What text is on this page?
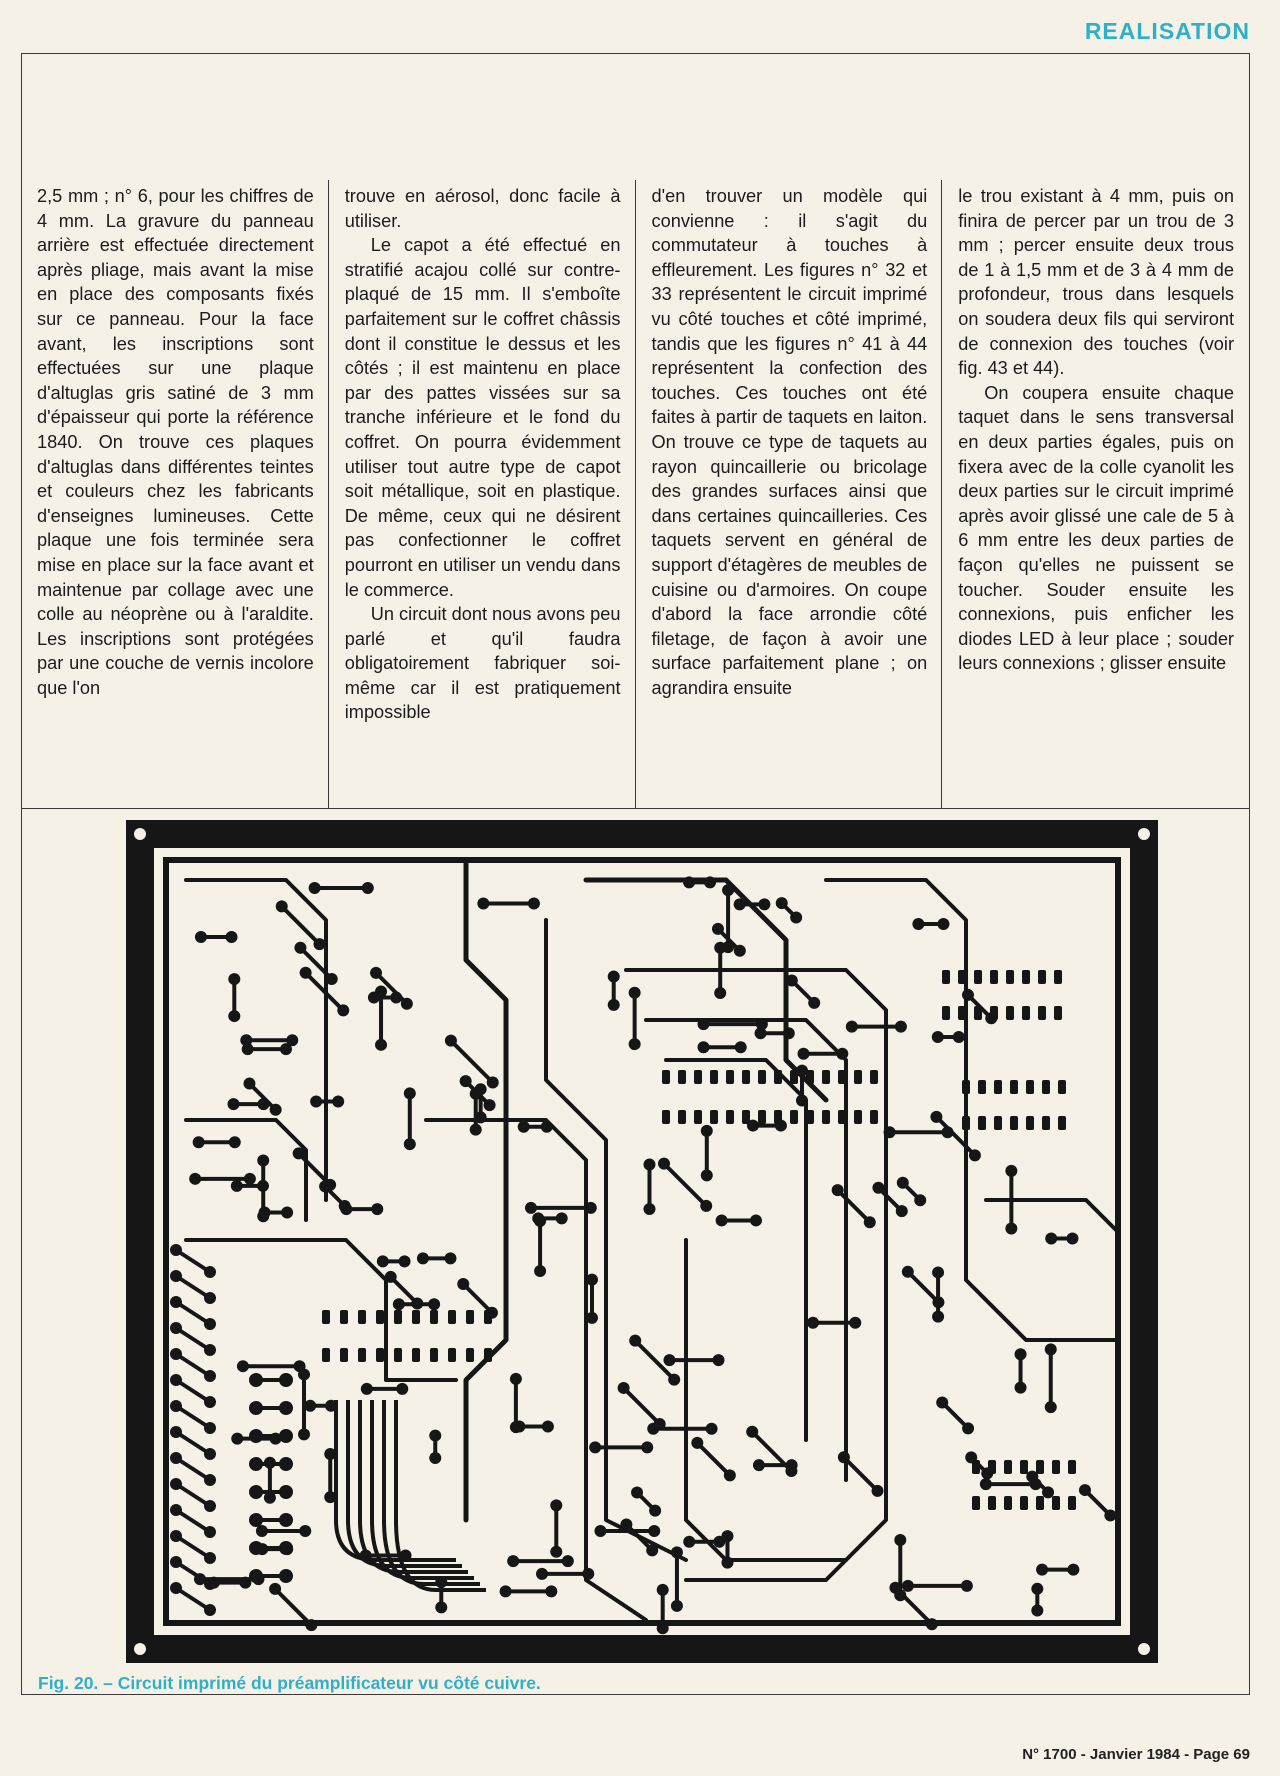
REALISATION

2,5 mm ; n° 6, pour les chiffres de 4 mm. La gravure du panneau arrière est effectuée directement après pliage, mais avant la mise en place des composants fixés sur ce panneau. Pour la face avant, les inscriptions sont effectuées sur une plaque d'altuglas gris satiné de 3 mm d'épaisseur qui porte la référence 1840. On trouve ces plaques d'altuglas dans différentes teintes et couleurs chez les fabricants d'enseignes lumineuses. Cette plaque une fois terminée sera mise en place sur la face avant et maintenue par collage avec une colle au néoprène ou à l'araldite. Les inscriptions sont protégées par une couche de vernis incolore que l'on

trouve en aérosol, donc facile à utiliser.

Le capot a été effectué en stratifié acajou collé sur contre-plaqué de 15 mm. Il s'emboîte parfaitement sur le coffret châssis dont il constitue le dessus et les côtés ; il est maintenu en place par des pattes vissées sur sa tranche inférieure et le fond du coffret. On pourra évidemment utiliser tout autre type de capot soit métallique, soit en plastique. De même, ceux qui ne désirent pas confectionner le coffret pourront en utiliser un vendu dans le commerce.

Un circuit dont nous avons peu parlé et qu'il faudra obligatoirement fabriquer soi-même car il est pratiquement impossible

d'en trouver un modèle qui convienne : il s'agit du commutateur à touches à effleurement. Les figures n° 32 et 33 représentent le circuit imprimé vu côté touches et côté imprimé, tandis que les figures n° 41 à 44 représentent la confection des touches. Ces touches ont été faites à partir de taquets en laiton. On trouve ce type de taquets au rayon quincaillerie ou bricolage des grandes surfaces ainsi que dans certaines quincailleries. Ces taquets servent en général de support d'étagères de meubles de cuisine ou d'armoires. On coupe d'abord la face arrondie côté filetage, de façon à avoir une surface parfaitement plane ; on agrandira ensuite

le trou existant à 4 mm, puis on finira de percer par un trou de 3 mm ; percer ensuite deux trous de 1 à 1,5 mm et de 3 à 4 mm de profondeur, trous dans lesquels on soudera deux fils qui serviront de connexion des touches (voir fig. 43 et 44).

On coupera ensuite chaque taquet dans le sens transversal en deux parties égales, puis on fixera avec de la colle cyanolit les deux parties sur le circuit imprimé après avoir glissé une cale de 5 à 6 mm entre les deux parties de façon qu'elles ne puissent se toucher. Souder ensuite les connexions, puis enficher les diodes LED à leur place ; souder leurs connexions ; glisser ensuite

Fig. 20. – Circuit imprimé du préamplificateur vu côté cuivre.
N° 1700 - Janvier 1984 - Page 69
